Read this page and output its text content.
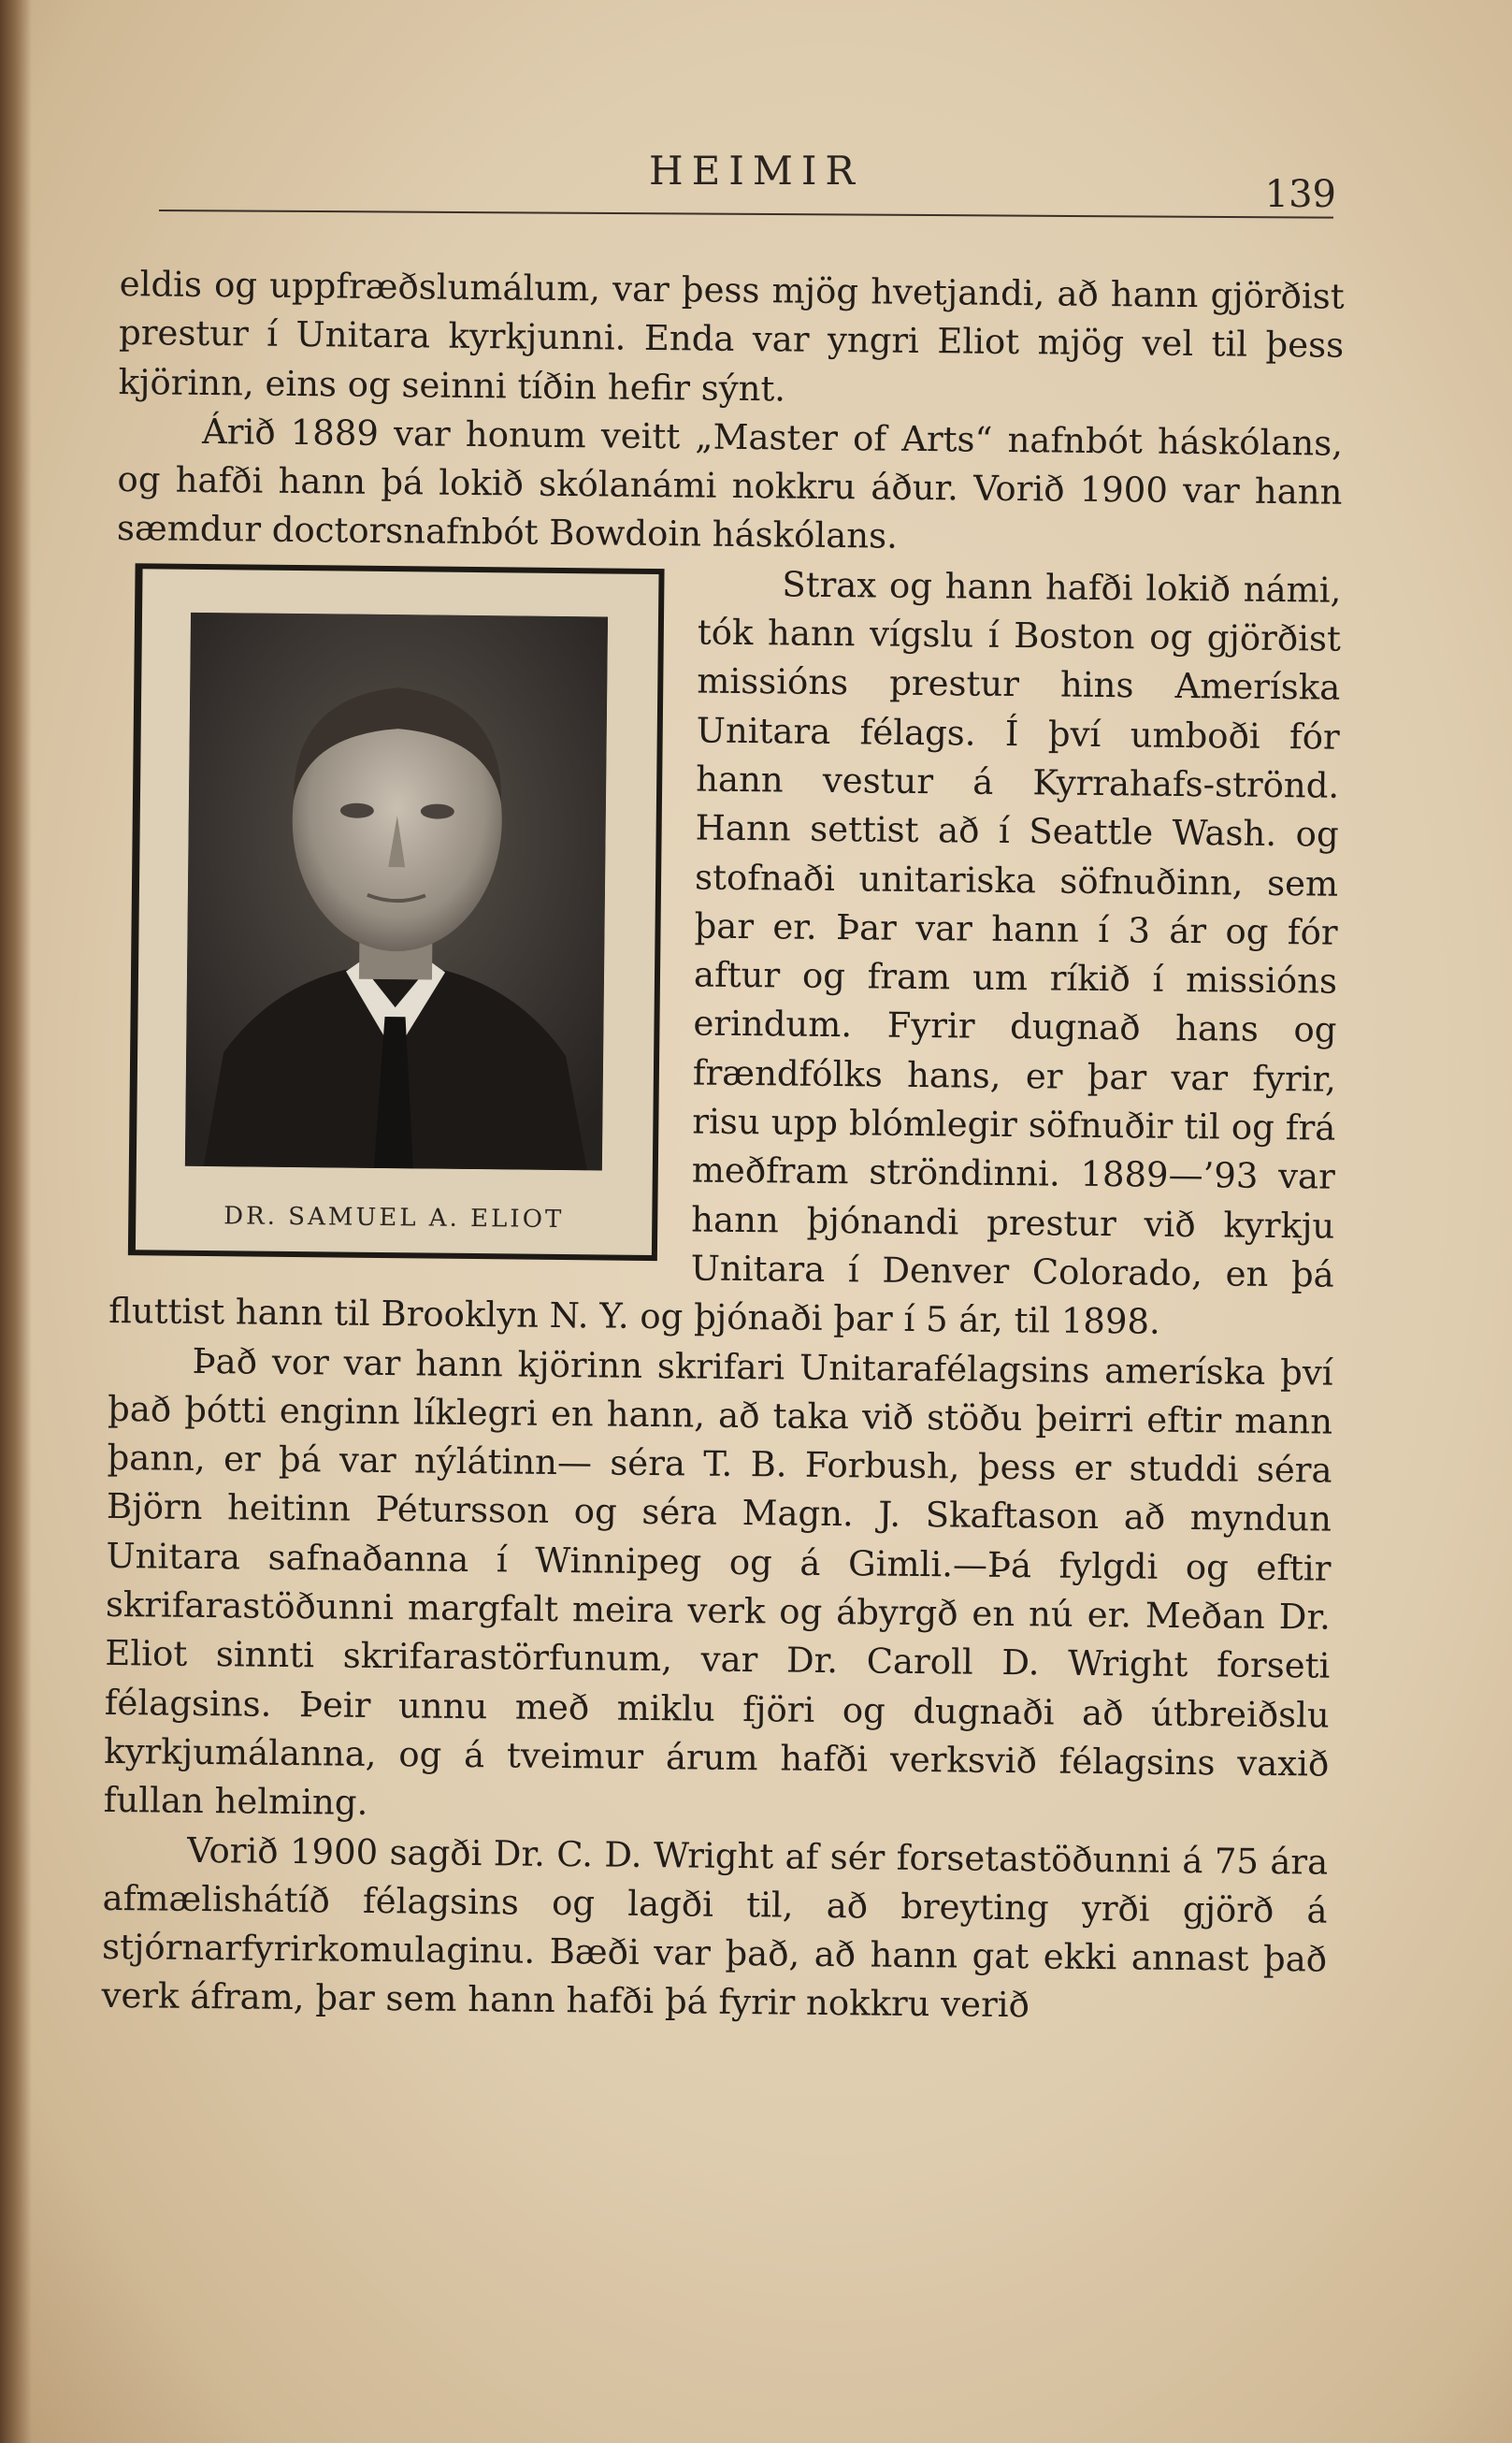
HEIMIR
139

eldis og uppfræðslumálum, var þess mjög hvetjandi, að hann gjörðist prestur í Unitara kyrkjunni. Enda var yngri Eliot mjög vel til þess kjörinn, eins og seinni tíðin hefir sýnt.

Árið 1889 var honum veitt „Master of Arts“ nafnbót háskólans, og hafði hann þá lokið skólanámi nokkru áður. Vorið 1900 var hann sæmdur doctorsnafnbót Bowdoin háskólans.

DR. SAMUEL A. ELIOT

Strax og hann hafði lokið námi, tók hann vígslu í Boston og gjörðist missións prestur hins Ameríska Unitara félags. Í því umboði fór hann vestur á Kyrrahafs-strönd. Hann settist að í Seattle Wash. og stofnaði unitariska söfnuðinn, sem þar er. Þar var hann í 3 ár og fór aftur og fram um ríkið í missións erindum. Fyrir dugnað hans og frændfólks hans, er þar var fyrir, risu upp blómlegir söfnuðir til og frá meðfram ströndinni. 1889—’93 var hann þjónandi prestur við kyrkju Unitara í Denver Colorado, en þá fluttist hann til Brooklyn N. Y. og þjónaði þar í 5 ár, til 1898.

Það vor var hann kjörinn skrifari Unitarafélagsins ameríska því það þótti enginn líklegri en hann, að taka við stöðu þeirri eftir mann þann, er þá var nýlátinn— séra T. B. Forbush, þess er studdi séra Björn heitinn Pétursson og séra Magn. J. Skaftason að myndun Unitara safnaðanna í Winnipeg og á Gimli.—Þá fylgdi og eftir skrifarastöðunni margfalt meira verk og ábyrgð en nú er. Meðan Dr. Eliot sinnti skrifarastörfunum, var Dr. Caroll D. Wright forseti félagsins. Þeir unnu með miklu fjöri og dugnaði að útbreiðslu kyrkjumálanna, og á tveimur árum hafði verksvið félagsins vaxið fullan helming.

Vorið 1900 sagði Dr. C. D. Wright af sér forsetastöðunni á 75 ára afmælishátíð félagsins og lagði til, að breyting yrði gjörð á stjórnarfyrirkomulaginu. Bæði var það, að hann gat ekki annast það verk áfram, þar sem hann hafði þá fyrir nokkru verið
